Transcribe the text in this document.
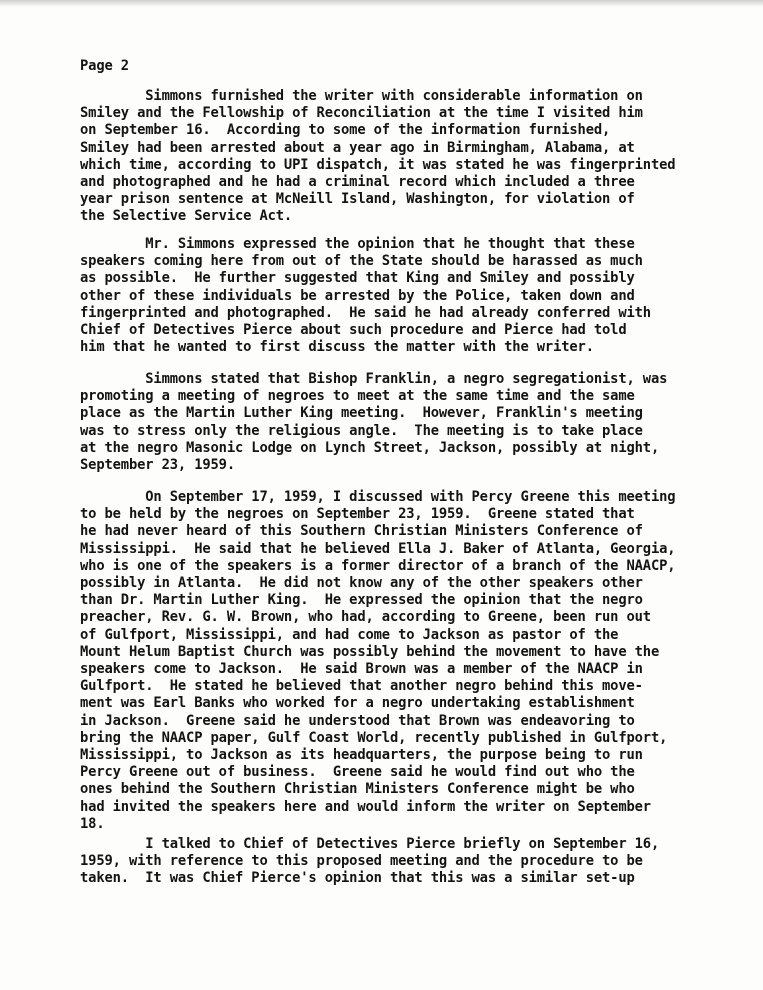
Page 2

Simmons furnished the writer with considerable information on
Smiley and the Fellowship of Reconciliation at the time I visited him
on September 16.  According to some of the information furnished,
Smiley had been arrested about a year ago in Birmingham, Alabama, at
which time, according to UPI dispatch, it was stated he was fingerprinted
and photographed and he had a criminal record which included a three
year prison sentence at McNeill Island, Washington, for violation of
the Selective Service Act.

Mr. Simmons expressed the opinion that he thought that these
speakers coming here from out of the State should be harassed as much
as possible.  He further suggested that King and Smiley and possibly
other of these individuals be arrested by the Police, taken down and
fingerprinted and photographed.  He said he had already conferred with
Chief of Detectives Pierce about such procedure and Pierce had told
him that he wanted to first discuss the matter with the writer.

Simmons stated that Bishop Franklin, a negro segregationist, was
promoting a meeting of negroes to meet at the same time and the same
place as the Martin Luther King meeting.  However, Franklin's meeting
was to stress only the religious angle.  The meeting is to take place
at the negro Masonic Lodge on Lynch Street, Jackson, possibly at night,
September 23, 1959.

On September 17, 1959, I discussed with Percy Greene this meeting
to be held by the negroes on September 23, 1959.  Greene stated that
he had never heard of this Southern Christian Ministers Conference of
Mississippi.  He said that he believed Ella J. Baker of Atlanta, Georgia,
who is one of the speakers is a former director of a branch of the NAACP,
possibly in Atlanta.  He did not know any of the other speakers other
than Dr. Martin Luther King.  He expressed the opinion that the negro
preacher, Rev. G. W. Brown, who had, according to Greene, been run out
of Gulfport, Mississippi, and had come to Jackson as pastor of the
Mount Helum Baptist Church was possibly behind the movement to have the
speakers come to Jackson.  He said Brown was a member of the NAACP in
Gulfport.  He stated he believed that another negro behind this move-
ment was Earl Banks who worked for a negro undertaking establishment
in Jackson.  Greene said he understood that Brown was endeavoring to
bring the NAACP paper, Gulf Coast World, recently published in Gulfport,
Mississippi, to Jackson as its headquarters, the purpose being to run
Percy Greene out of business.  Greene said he would find out who the
ones behind the Southern Christian Ministers Conference might be who
had invited the speakers here and would inform the writer on September
18.

I talked to Chief of Detectives Pierce briefly on September 16,
1959, with reference to this proposed meeting and the procedure to be
taken.  It was Chief Pierce's opinion that this was a similar set-up
